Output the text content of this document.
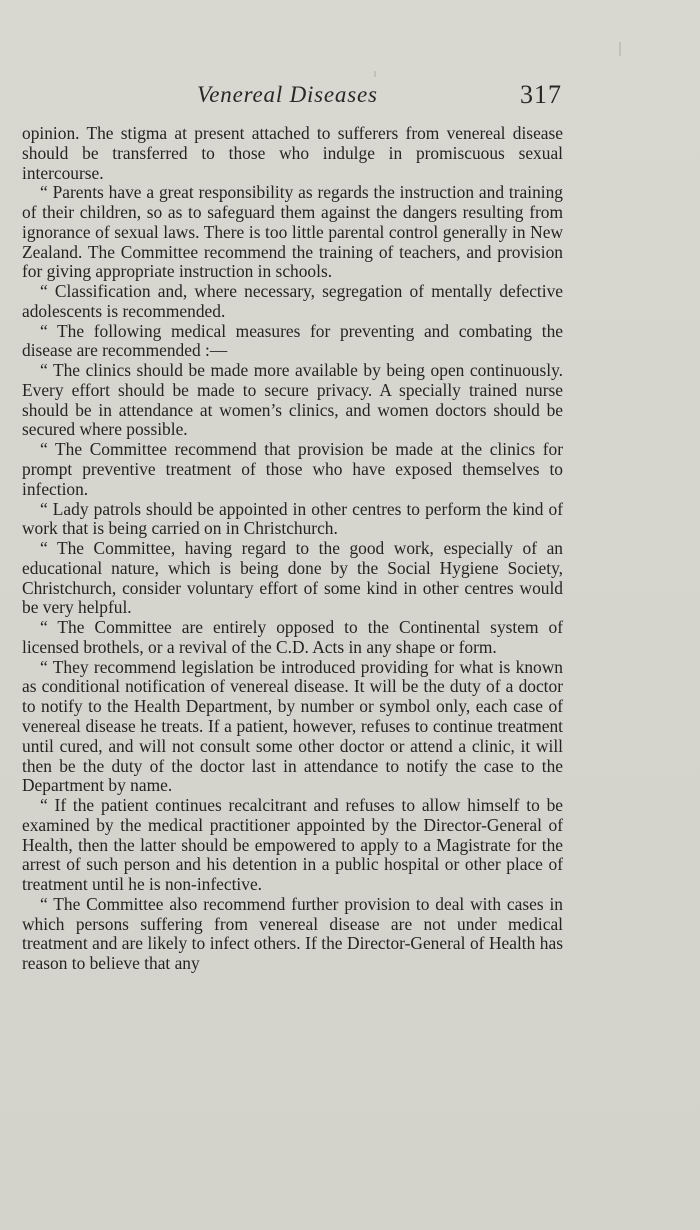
Venereal Diseases	317

opinion. The stigma at present attached to sufferers from venereal disease should be transferred to those who indulge in promiscuous sexual intercourse.

“ Parents have a great responsibility as regards the instruction and training of their children, so as to safeguard them against the dangers resulting from ignorance of sexual laws. There is too little parental control generally in New Zealand. The Committee recommend the training of teachers, and provision for giving appropriate instruction in schools.

“ Classification and, where necessary, segregation of mentally defective adolescents is recommended.

“ The following medical measures for preventing and combating the disease are recommended :—

“ The clinics should be made more available by being open continuously. Every effort should be made to secure privacy. A specially trained nurse should be in attendance at women’s clinics, and women doctors should be secured where possible.

“ The Committee recommend that provision be made at the clinics for prompt preventive treatment of those who have exposed themselves to infection.

“ Lady patrols should be appointed in other centres to perform the kind of work that is being carried on in Christchurch.

“ The Committee, having regard to the good work, especially of an educational nature, which is being done by the Social Hygiene Society, Christchurch, consider voluntary effort of some kind in other centres would be very helpful.

“ The Committee are entirely opposed to the Continental system of licensed brothels, or a revival of the C.D. Acts in any shape or form.

“ They recommend legislation be introduced providing for what is known as conditional notification of venereal disease. It will be the duty of a doctor to notify to the Health Department, by number or symbol only, each case of venereal disease he treats. If a patient, however, refuses to continue treatment until cured, and will not consult some other doctor or attend a clinic, it will then be the duty of the doctor last in attendance to notify the case to the Department by name.

“ If the patient continues recalcitrant and refuses to allow himself to be examined by the medical practitioner appointed by the Director-General of Health, then the latter should be empowered to apply to a Magistrate for the arrest of such person and his detention in a public hospital or other place of treatment until he is non-infective.

“ The Committee also recommend further provision to deal with cases in which persons suffering from venereal disease are not under medical treatment and are likely to infect others. If the Director-General of Health has reason to believe that any
